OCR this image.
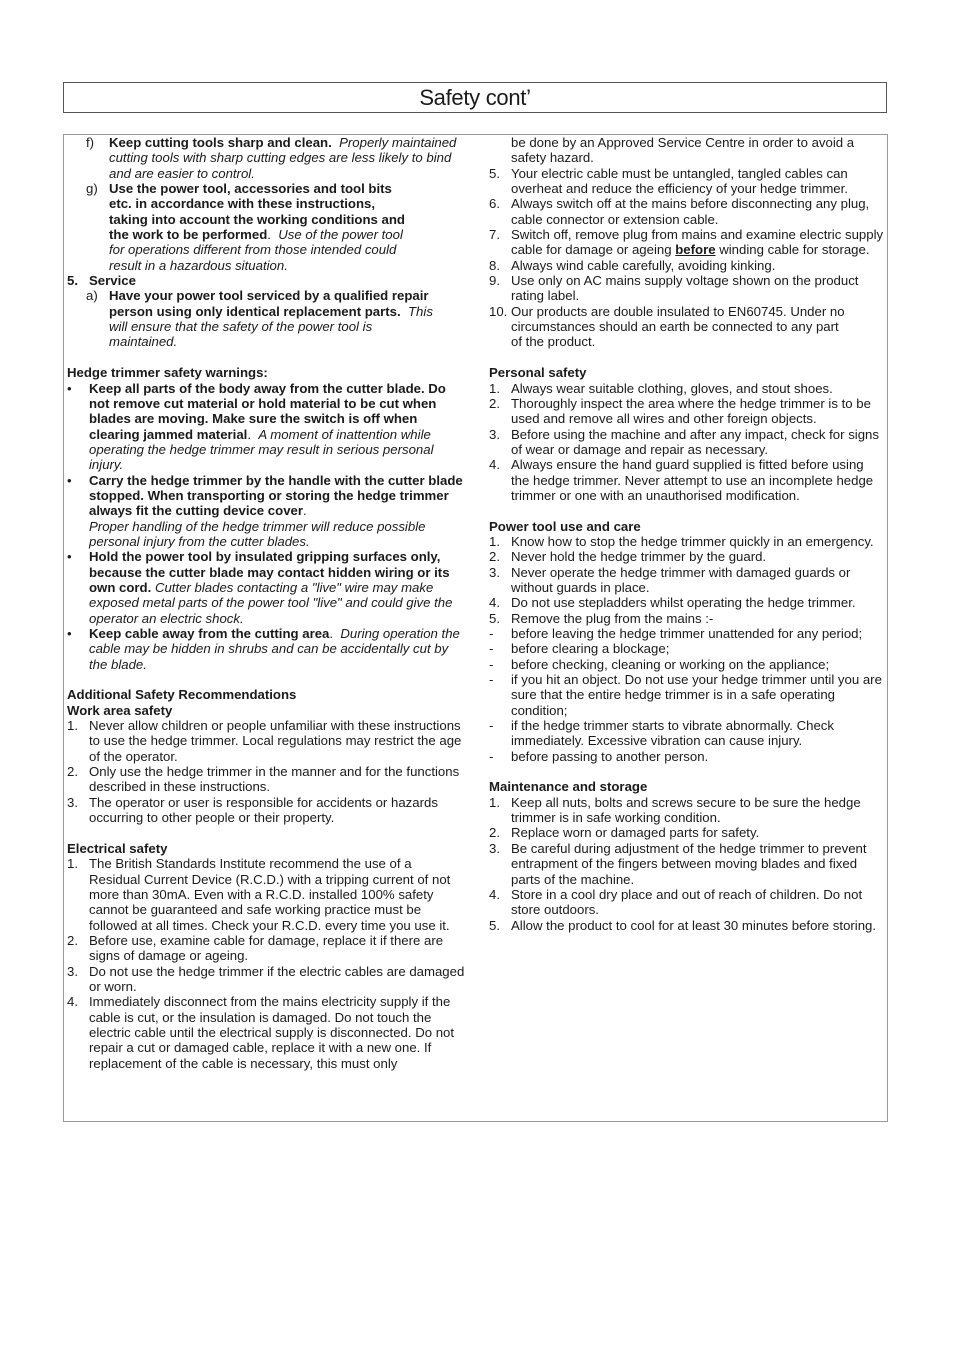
Safety cont’
f)	Keep cutting tools sharp and clean. Properly maintained cutting tools with sharp cutting edges are less likely to bind and are easier to control.
g) Use the power tool, accessories and tool bits etc. in accordance with these instructions, taking into account the working conditions and the work to be performed.  Use of the power tool for operations different from those intended could result in a hazardous situation.
5. Service
a) Have your power tool serviced by a qualified repair person using only identical replacement parts. This will ensure that the safety of the power tool is maintained.
Hedge trimmer safety warnings:
•	Keep all parts of the body away from the cutter blade. Do not remove cut material or hold material to be cut when blades are moving. Make sure the switch is off when clearing jammed material.  A moment of inattention while operating the hedge trimmer may result in serious personal injury.
•	Carry the hedge trimmer by the handle with the cutter blade stopped. When transporting or storing the hedge trimmer always fit the cutting device cover.
Proper handling of the hedge trimmer will reduce possible personal injury from the cutter blades.
•	Hold the power tool by insulated gripping surfaces only, because the cutter blade may contact hidden wiring or its own cord. Cutter blades contacting a "live" wire may make exposed metal parts of the power tool "live" and could give the operator an electric shock.
•	Keep cable away from the cutting area.  During operation the cable may be hidden in shrubs and can be accidentally cut by the blade.
Additional Safety Recommendations
Work area safety
1. Never allow children or people unfamiliar with these instructions to use the hedge trimmer. Local regulations may restrict the age of the operator.
2. Only use the hedge trimmer in the manner and for the functions described in these instructions.
3. The operator or user is responsible for accidents or hazards occurring to other people or their property.
Electrical safety
1. The British Standards Institute recommend the use of a Residual Current Device (R.C.D.) with a tripping current of not more than 30mA. Even with a R.C.D. installed 100% safety cannot be guaranteed and safe working practice must be followed at all times. Check your R.C.D. every time you use it.
2. Before use, examine cable for damage, replace it if there are signs of damage or ageing.
3. Do not use the hedge trimmer if the electric cables are damaged or worn.
4. Immediately disconnect from the mains electricity supply if the cable is cut, or the insulation is damaged. Do not touch the electric cable until the electrical supply is disconnected. Do not repair a cut or damaged cable, replace it with a new one. If replacement of the cable is necessary, this must only
be done by an Approved Service Centre in order to avoid a safety hazard.
5. Your electric cable must be untangled, tangled cables can overheat and reduce the efficiency of your hedge trimmer.
6. Always switch off at the mains before disconnecting any plug, cable connector or extension cable.
7. Switch off, remove plug from mains and examine electric supply cable for damage or ageing before winding cable for storage.
8. Always wind cable carefully, avoiding kinking.
9. Use only on AC mains supply voltage shown on the product rating label.
10. Our products are double insulated to EN60745. Under no circumstances should an earth be connected to any part of the product.
Personal safety
1. Always wear suitable clothing, gloves, and stout shoes.
2. Thoroughly inspect the area where the hedge trimmer is to be used and remove all wires and other foreign objects.
3. Before using the machine and after any impact, check for signs of wear or damage and repair as necessary.
4. Always ensure the hand guard supplied is fitted before using the hedge trimmer. Never attempt to use an incomplete hedge trimmer or one with an unauthorised modification.
Power tool use and care
1. Know how to stop the hedge trimmer quickly in an emergency.
2. Never hold the hedge trimmer by the guard.
3. Never operate the hedge trimmer with damaged guards or without guards in place.
4. Do not use stepladders whilst operating the hedge trimmer.
5. Remove the plug from the mains :-
-	before leaving the hedge trimmer unattended for any period;
-	before clearing a blockage;
-	before checking, cleaning or working on the appliance;
-	if you hit an object. Do not use your hedge trimmer until you are sure that the entire hedge trimmer is in a safe operating condition;
-	if the hedge trimmer starts to vibrate abnormally. Check immediately. Excessive vibration can cause injury.
-	before passing to another person.
Maintenance and storage
1. Keep all nuts, bolts and screws secure to be sure the hedge trimmer is in safe working condition.
2. Replace worn or damaged parts for safety.
3. Be careful during adjustment of the hedge trimmer to prevent entrapment of the fingers between moving blades and fixed parts of the machine.
4. Store in a cool dry place and out of reach of children. Do not store outdoors.
5. Allow the product to cool for at least 30 minutes before storing.
